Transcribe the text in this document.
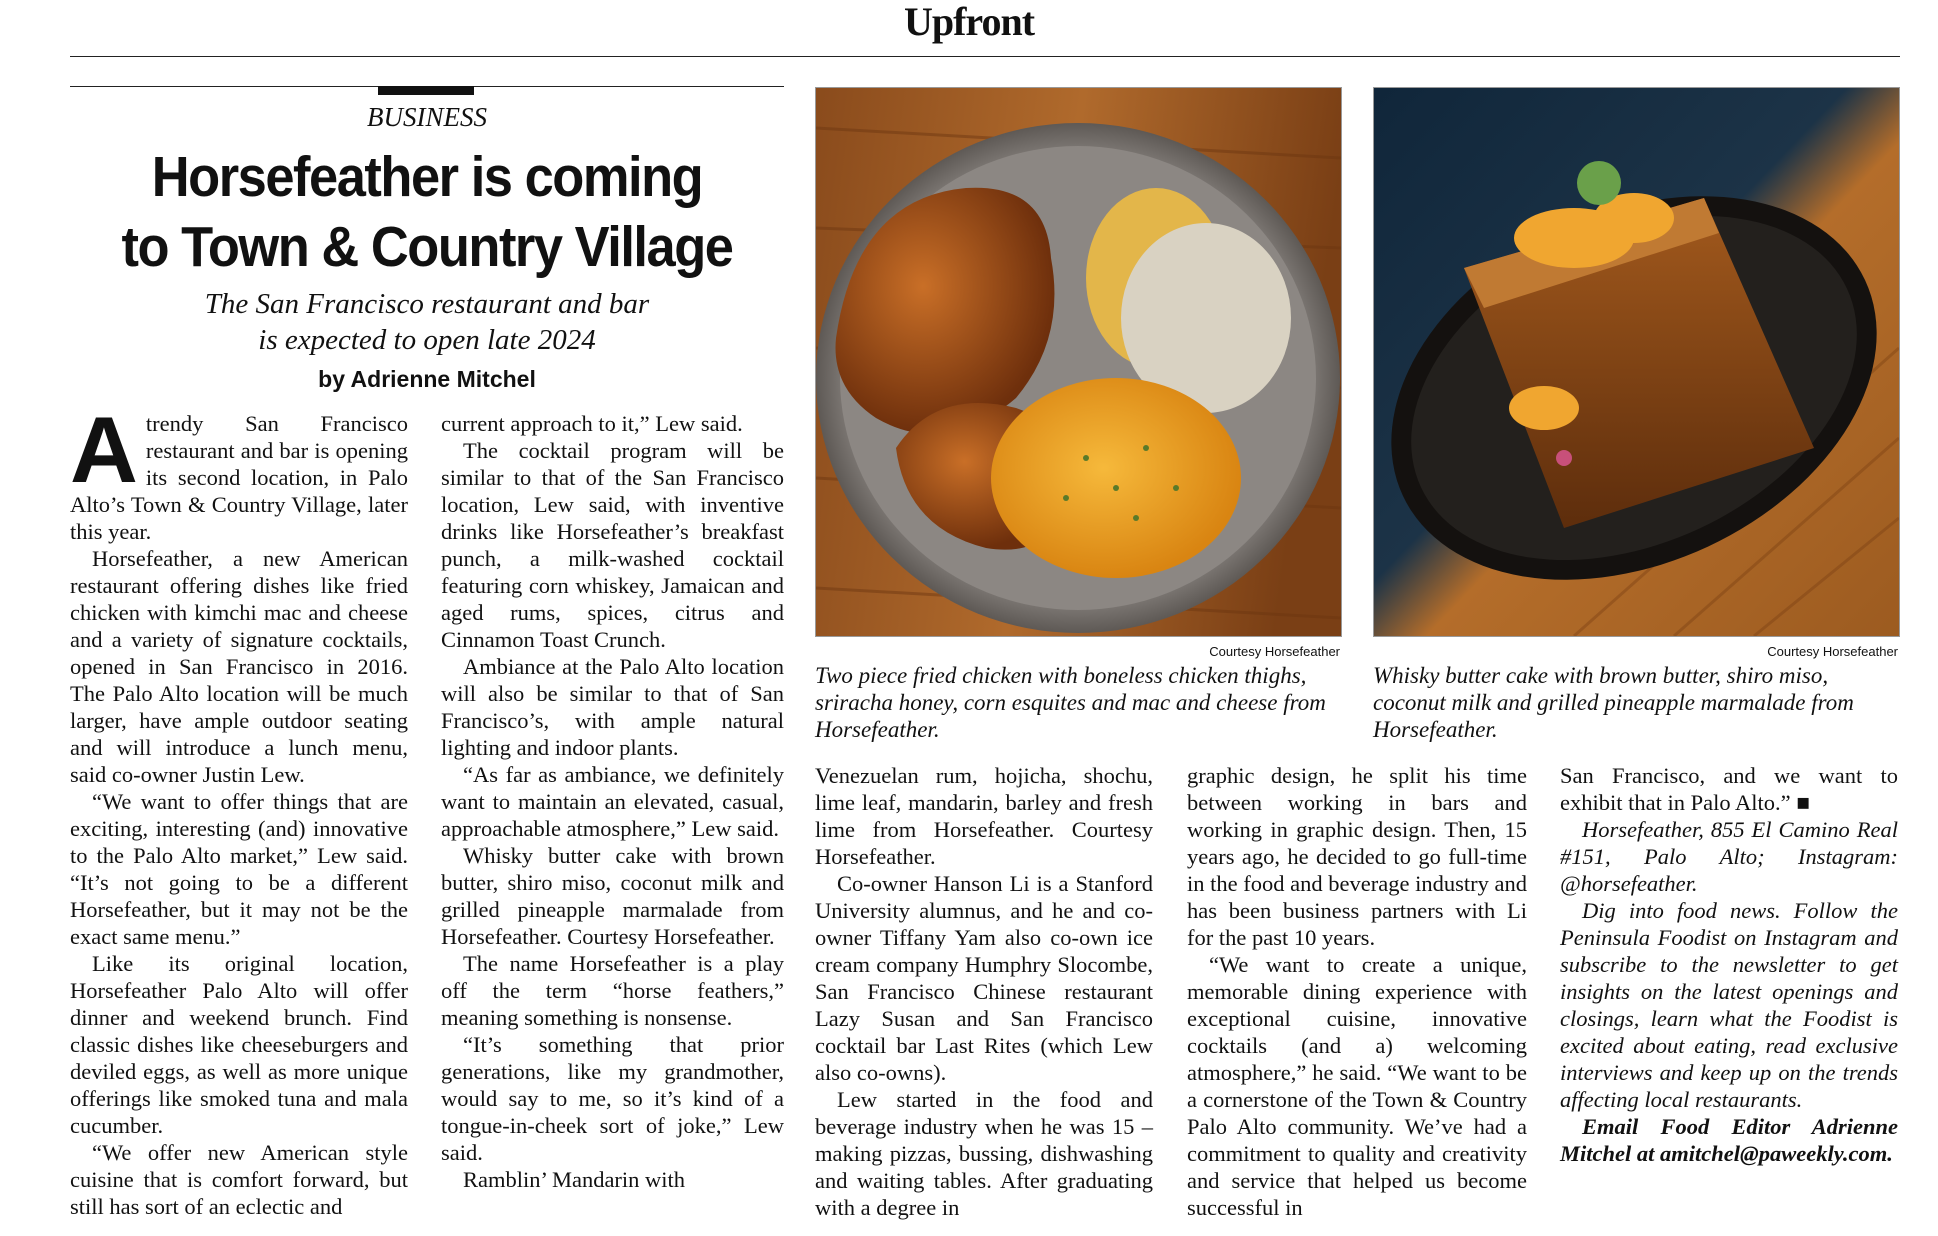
Upfront
BUSINESS
Horsefeather is coming
to Town & Country Village
The San Francisco restaurant and bar
is expected to open late 2024
by Adrienne Mitchel

Atrendy San Francisco restaurant and bar is opening its second location, in Palo Alto’s Town & Country Village, later this year.

Horsefeather, a new American restaurant offering dishes like fried chicken with kimchi mac and cheese and a variety of signature cocktails, opened in San Francisco in 2016. The Palo Alto location will be much larger, have ample outdoor seating and will introduce a lunch menu, said co-owner Justin Lew.

“We want to offer things that are exciting, interesting (and) innovative to the Palo Alto market,” Lew said. “It’s not going to be a different Horsefeather, but it may not be the exact same menu.”

Like its original location, Horsefeather Palo Alto will offer dinner and weekend brunch. Find classic dishes like cheeseburgers and deviled eggs, as well as more unique offerings like smoked tuna and mala cucumber.

“We offer new American style cuisine that is comfort forward, but still has sort of an eclectic and

current approach to it,” Lew said.

The cocktail program will be similar to that of the San Francisco location, Lew said, with inventive drinks like Horsefeather’s breakfast punch, a milk-washed cocktail featuring corn whiskey, Jamaican and aged rums, spices, citrus and Cinnamon Toast Crunch.

Ambiance at the Palo Alto location will also be similar to that of San Francisco’s, with ample natural lighting and indoor plants.

“As far as ambiance, we definitely want to maintain an elevated, casual, approachable atmosphere,” Lew said.

Whisky butter cake with brown butter, shiro miso, coconut milk and grilled pineapple marmalade from Horsefeather. Courtesy Horsefeather.

The name Horsefeather is a play off the term “horse feathers,” meaning something is nonsense.

“It’s something that prior generations, like my grandmother, would say to me, so it’s kind of a tongue-in-cheek sort of joke,” Lew said.

Ramblin’ Mandarin with

Courtesy Horsefeather
Two piece fried chicken with boneless chicken thighs, sriracha honey, corn esquites and mac and cheese from Horsefeather.
Courtesy Horsefeather
Whisky butter cake with brown butter, shiro miso, coconut milk and grilled pineapple marmalade from Horsefeather.

Venezuelan rum, hojicha, shochu, lime leaf, mandarin, barley and fresh lime from Horsefeather. Courtesy Horsefeather.

Co-owner Hanson Li is a Stanford University alumnus, and he and co-owner Tiffany Yam also co-own ice cream company Humphry Slocombe, San Francisco Chinese restaurant Lazy Susan and San Francisco cocktail bar Last Rites (which Lew also co-owns).

Lew started in the food and beverage industry when he was 15 – making pizzas, bussing, dishwashing and waiting tables. After graduating with a degree in

graphic design, he split his time between working in bars and working in graphic design. Then, 15 years ago, he decided to go full-time in the food and beverage industry and has been business partners with Li for the past 10 years.

“We want to create a unique, memorable dining experience with exceptional cuisine, innovative cocktails (and a) welcoming atmosphere,” he said. “We want to be a cornerstone of the Town & Country Palo Alto community. We’ve had a commitment to quality and creativity and service that helped us become successful in

San Francisco, and we want to exhibit that in Palo Alto.” ■

Horsefeather, 855 El Camino Real #151, Palo Alto; Instagram: @horsefeather.

Dig into food news. Follow the Peninsula Foodist on Instagram and subscribe to the newsletter to get insights on the latest openings and closings, learn what the Foodist is excited about eating, read exclusive interviews and keep up on the trends affecting local restaurants.

Email Food Editor Adrienne Mitchel at amitchel@paweekly.com.
